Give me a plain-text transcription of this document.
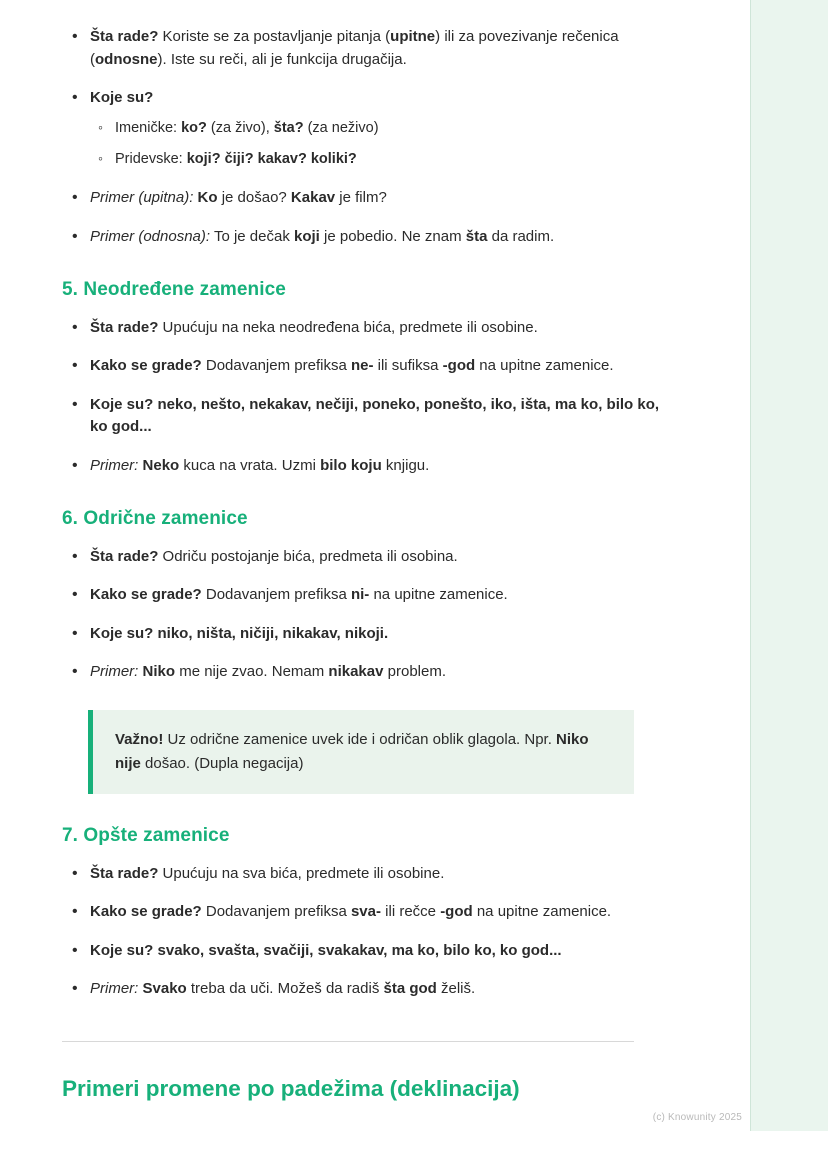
• Šta rade? Koriste se za postavljanje pitanja (upitne) ili za povezivanje rečenica (odnosne). Iste su reči, ali je funkcija drugačija.
• Koje su?
◦ Imeničke: ko? (za živo), šta? (za neživo)
◦ Pridevske: koji? čiji? kakav? koliki?
• Primer (upitna): Ko je došao? Kakav je film?
• Primer (odnosna): To je dečak koji je pobedio. Ne znam šta da radim.
5. Neodređene zamenice
• Šta rade? Upućuju na neka neodređena bića, predmete ili osobine.
• Kako se grade? Dodavanjem prefiksa ne- ili sufiksa -god na upitne zamenice.
• Koje su? neko, nešto, nekakav, nečiji, poneko, ponešto, iko, išta, ma ko, bilo ko, ko god...
• Primer: Neko kuca na vrata. Uzmi bilo koju knjigu.
6. Odrične zamenice
• Šta rade? Odriču postojanje bića, predmeta ili osobina.
• Kako se grade? Dodavanjem prefiksa ni- na upitne zamenice.
• Koje su? niko, ništa, ničiji, nikakav, nikoji.
• Primer: Niko me nije zvao. Nemam nikakav problem.
Važno! Uz odrične zamenice uvek ide i odričan oblik glagola. Npr. Niko nije došao. (Dupla negacija)
7. Opšte zamenice
• Šta rade? Upućuju na sva bića, predmete ili osobine.
• Kako se grade? Dodavanjem prefiksa sva- ili rečce -god na upitne zamenice.
• Koje su? svako, svašta, svačiji, svakakav, ma ko, bilo ko, ko god...
• Primer: Svako treba da uči. Možeš da radiš šta god želiš.
Primeri promene po padežima (deklinacija)
(c) Knowunity 2025
